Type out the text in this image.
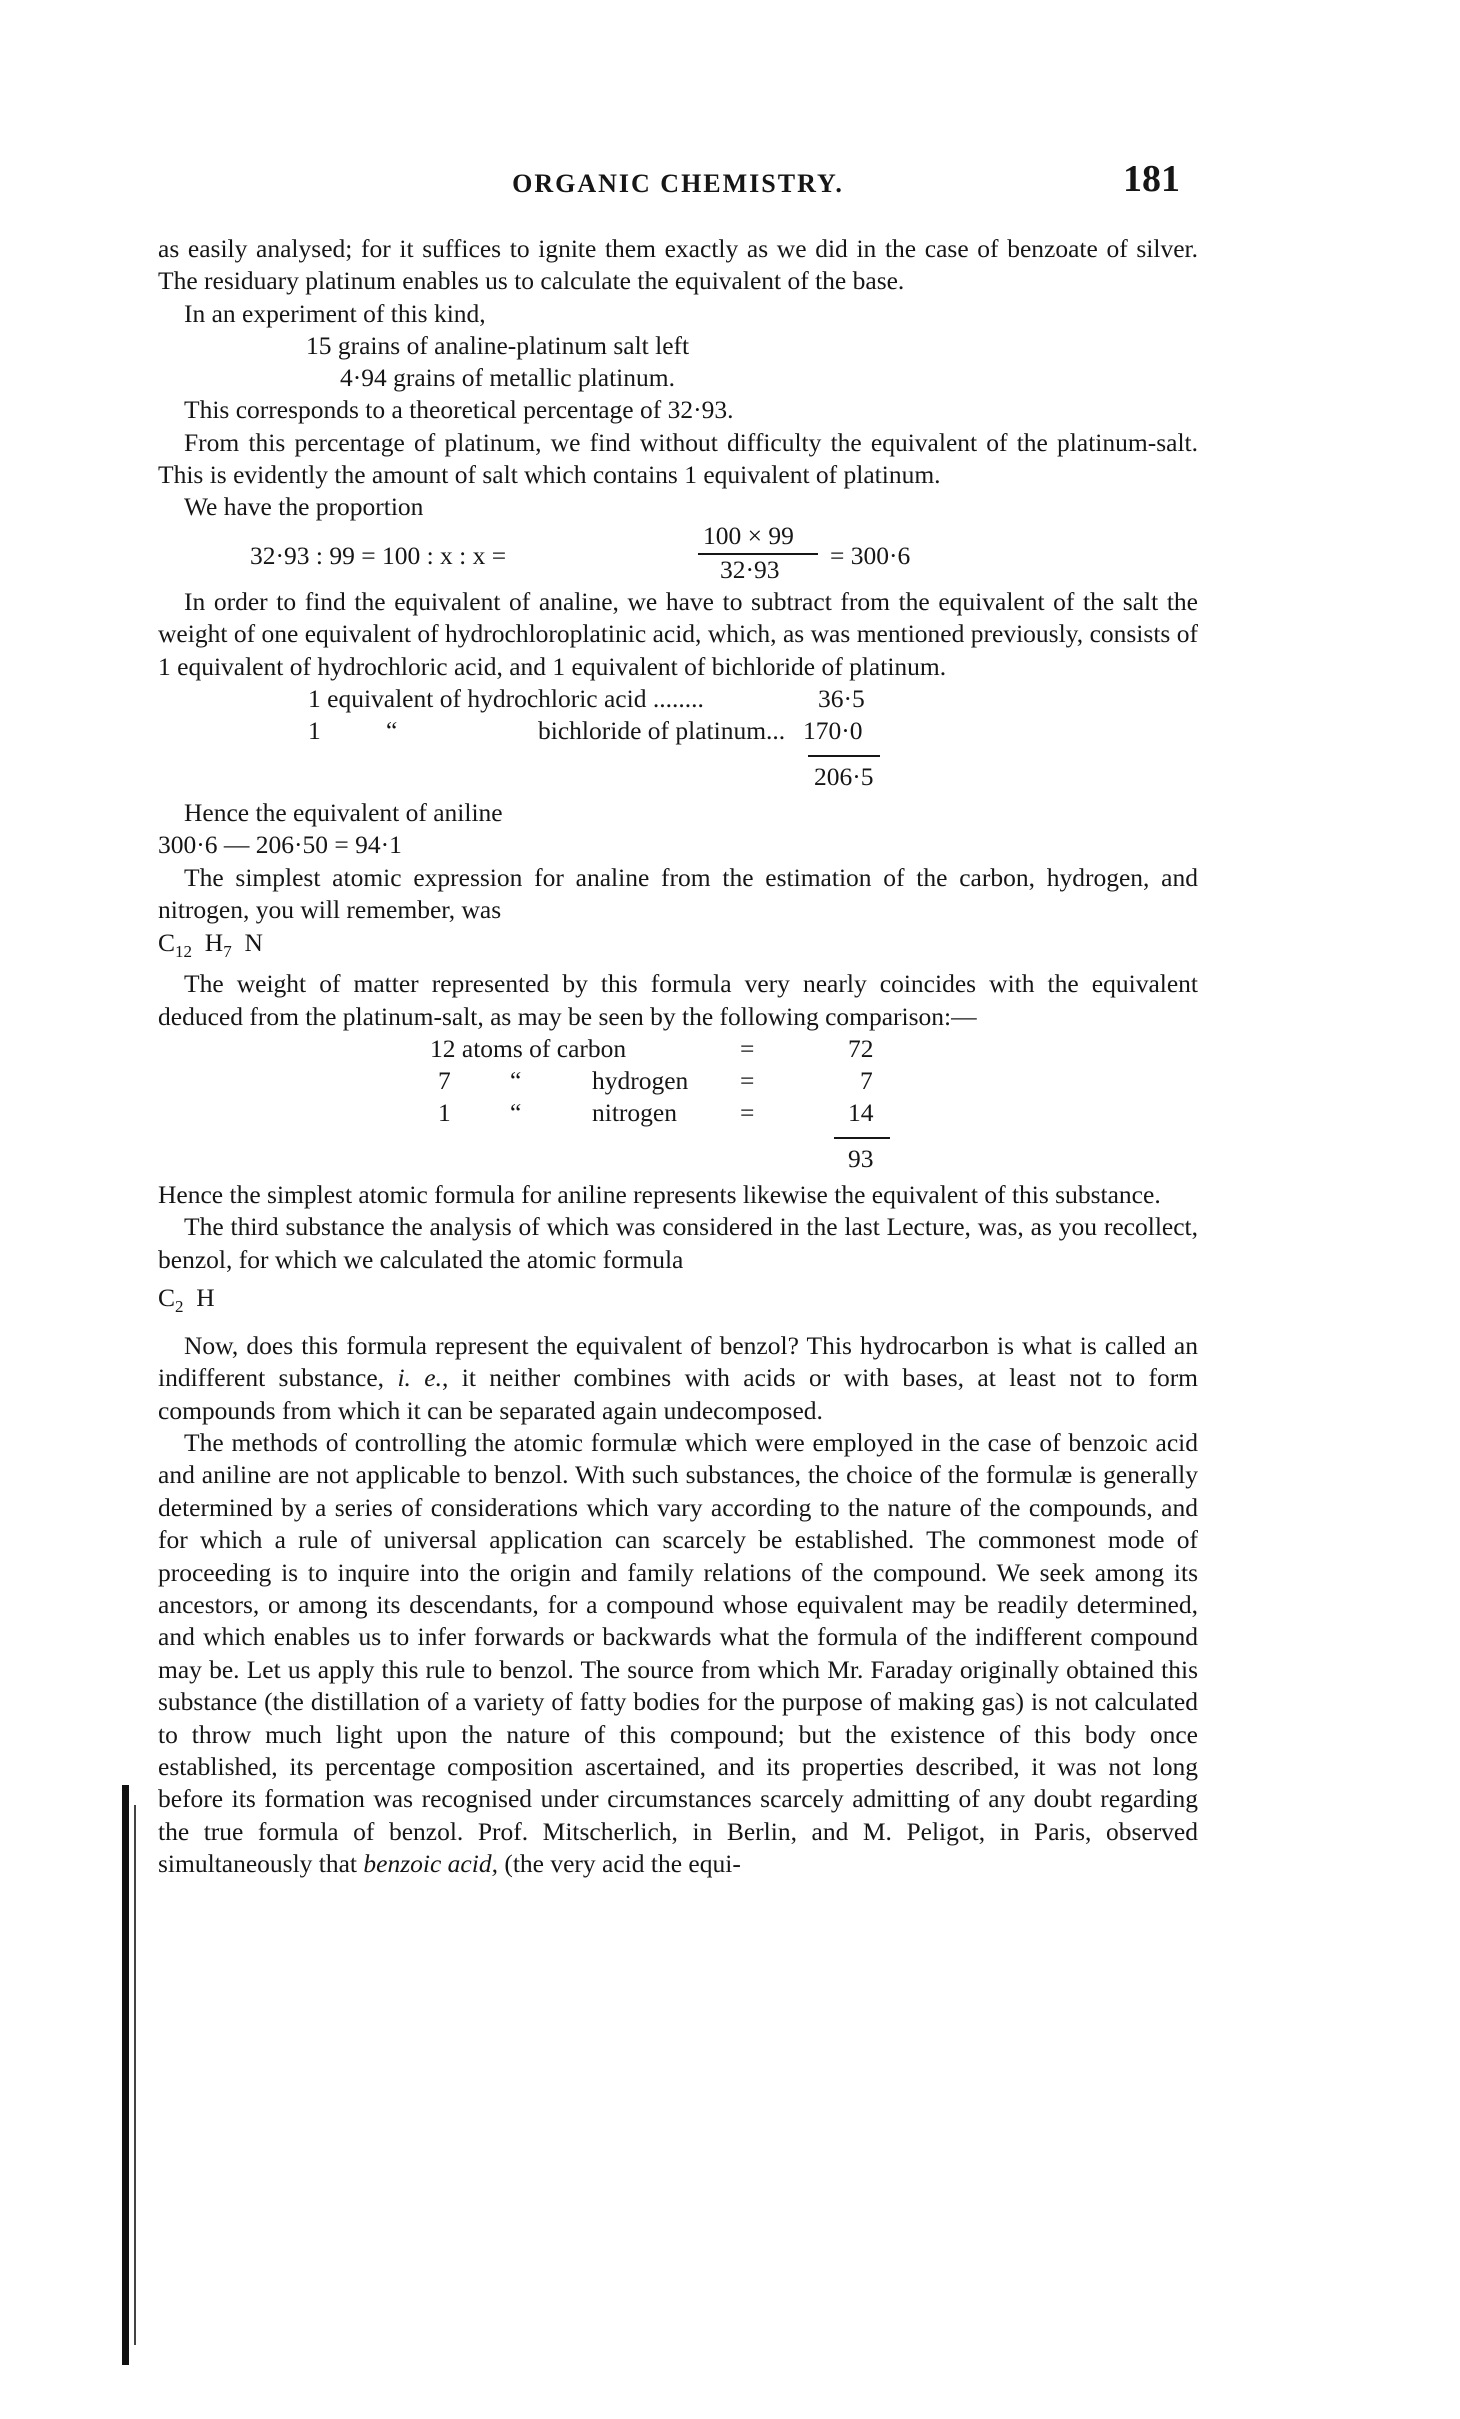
ORGANIC CHEMISTRY.	181

as easily analysed; for it suffices to ignite them exactly as we did in the case of benzoate of silver. The residuary platinum enables us to calculate the equivalent of the base.

In an experiment of this kind,

15 grains of analine-platinum salt left
4·94 grains of metallic platinum.

This corresponds to a theoretical percentage of 32·93.

From this percentage of platinum, we find without difficulty the equivalent of the platinum-salt. This is evidently the amount of salt which contains 1 equivalent of platinum.

We have the proportion

32·93 : 99 = 100 : x : x =
100 × 99
32·93 = 300·6

In order to find the equivalent of analine, we have to subtract from the equivalent of the salt the weight of one equivalent of hydrochloroplatinic acid, which, as was mentioned previously, consists of 1 equivalent of hydrochloric acid, and 1 equivalent of bichloride of platinum.

1 equivalent of hydrochloric acid ........	36·5
1	“	bichloride of platinum... 170·0
206·5

Hence the equivalent of aniline

300·6 — 206·50 = 94·1

The simplest atomic expression for analine from the estimation of the carbon, hydrogen, and nitrogen, you will remember, was

$C_{12}$ $H_7$ N

The weight of matter represented by this formula very nearly coincides with the equivalent deduced from the platinum-salt, as may be seen by the following comparison:—

12 atoms of carbon	=	72
7 “	hydrogen =	7
1 “	nitrogen =	14
93

Hence the simplest atomic formula for aniline represents likewise the equivalent of this substance.

The third substance the analysis of which was considered in the last Lecture, was, as you recollect, benzol, for which we calculated the atomic formula

$C_2$ H

Now, does this formula represent the equivalent of benzol? This hydrocarbon is what is called an indifferent substance, i. e., it neither combines with acids or with bases, at least not to form compounds from which it can be separated again undecomposed.

The methods of controlling the atomic formulæ which were employed in the case of benzoic acid and aniline are not applicable to benzol. With such substances, the choice of the formulæ is generally determined by a series of considerations which vary according to the nature of the compounds, and for which a rule of universal application can scarcely be established. The commonest mode of proceeding is to inquire into the origin and family relations of the compound. We seek among its ancestors, or among its descendants, for a compound whose equivalent may be readily determined, and which enables us to infer forwards or backwards what the formula of the indifferent compound may be. Let us apply this rule to benzol. The source from which Mr. Faraday originally obtained this substance (the distillation of a variety of fatty bodies for the purpose of making gas) is not calculated to throw much light upon the nature of this compound; but the existence of this body once established, its percentage composition ascertained, and its properties described, it was not long before its formation was recognised under circumstances scarcely admitting of any doubt regarding the true formula of benzol. Prof. Mitscherlich, in Berlin, and M. Peligot, in Paris, observed simultaneously that benzoic acid, (the very acid the equi-
